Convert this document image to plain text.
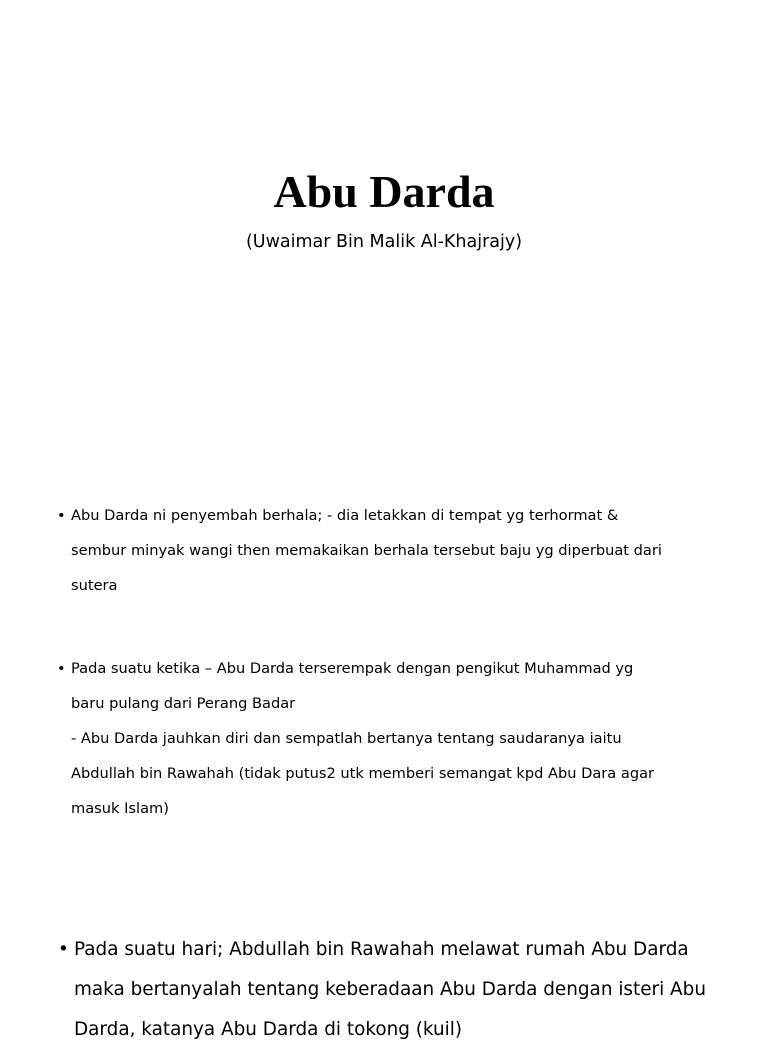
Abu Darda

(Uwaimar Bin Malik Al-Khajrajy)

• Abu Darda ni penyembah berhala; - dia letakkan di tempat yg terhormat &
sembur minyak wangi then memakaikan berhala tersebut baju yg diperbuat dari
sutera

• Pada suatu ketika – Abu Darda terserempak dengan pengikut Muhammad yg
baru pulang dari Perang Badar
- Abu Darda jauhkan diri dan sempatlah bertanya tentang saudaranya iaitu
Abdullah bin Rawahah (tidak putus2 utk memberi semangat kpd Abu Dara agar
masuk Islam)

• Pada suatu hari; Abdullah bin Rawahah melawat rumah Abu Darda
maka bertanyalah tentang keberadaan Abu Darda dengan isteri Abu
Darda, katanya Abu Darda di tokong (kuil)
